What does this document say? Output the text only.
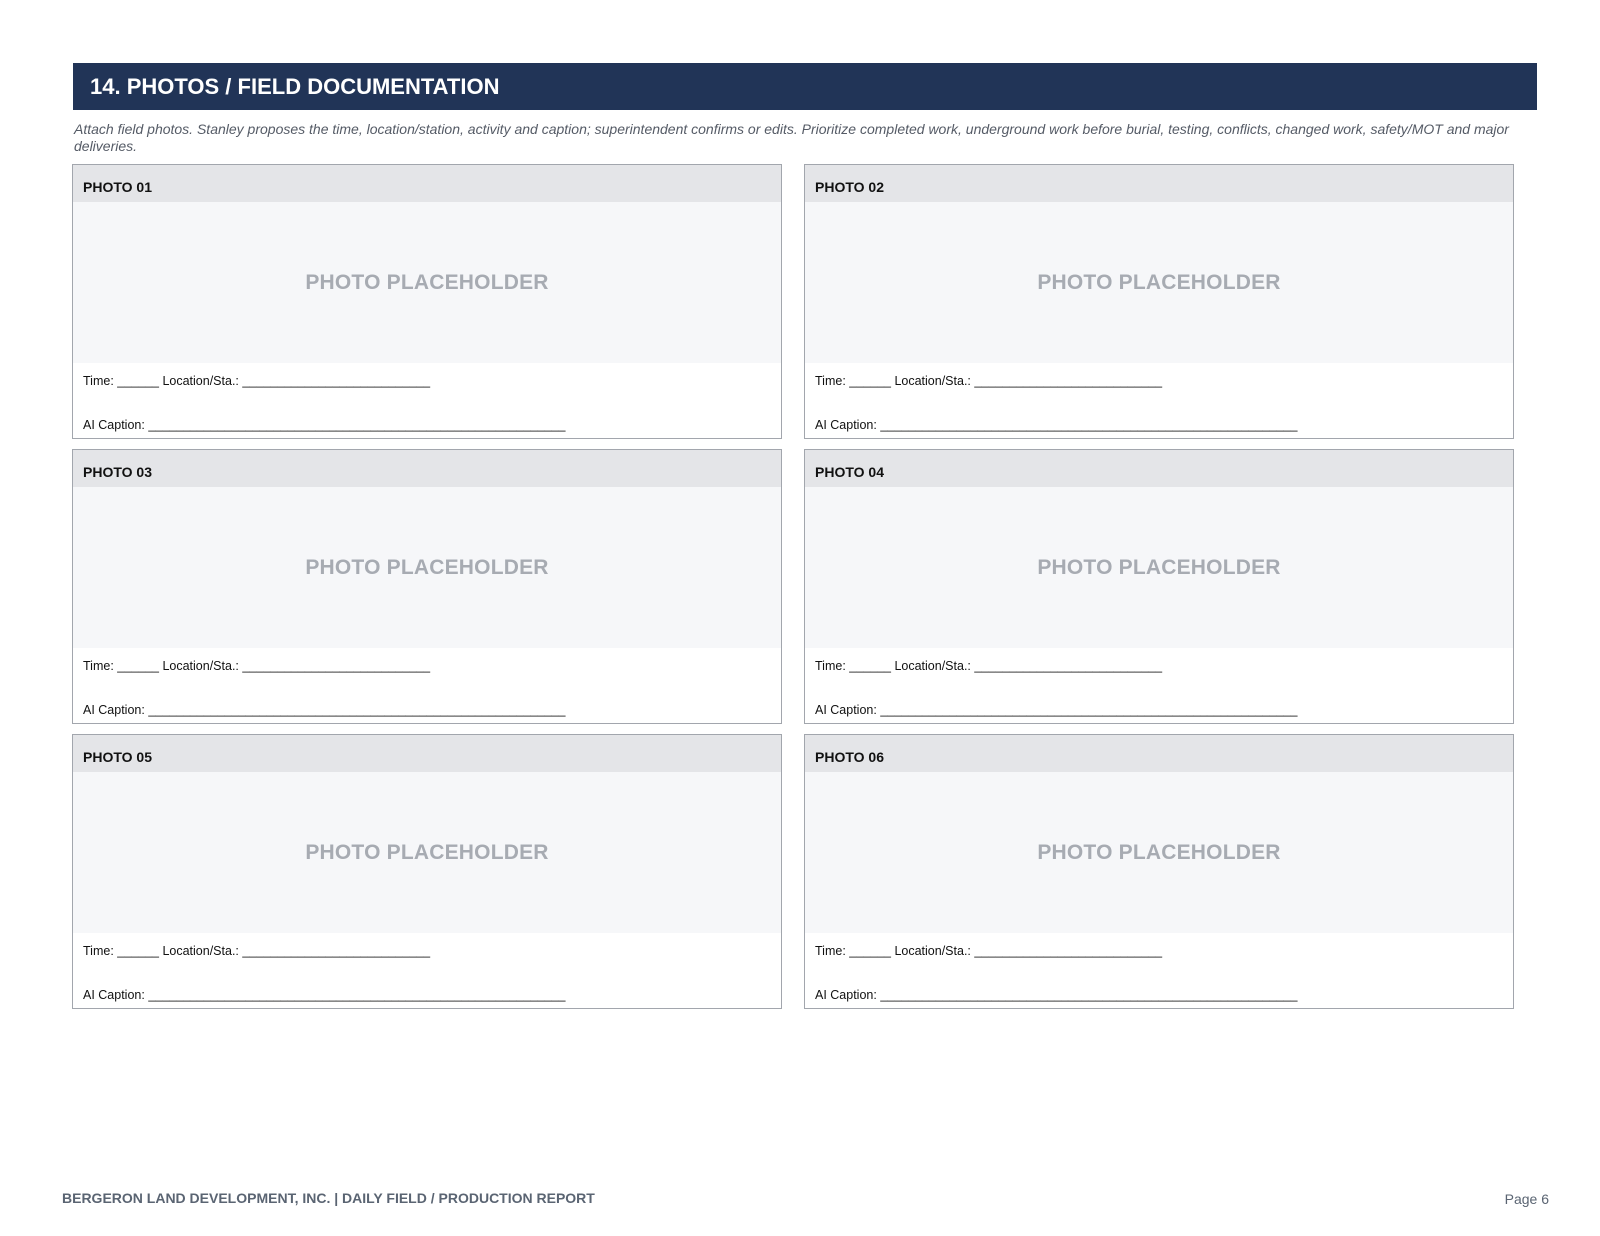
14. PHOTOS / FIELD DOCUMENTATION
Attach field photos. Stanley proposes the time, location/station, activity and caption; superintendent confirms or edits. Prioritize completed work, underground work before burial, testing, conflicts, changed work, safety/MOT and major deliveries.
PHOTO 01
PHOTO PLACEHOLDER
Time: ______ Location/Sta.: ___________________________
AI Caption: ____________________________________________________________
PHOTO 02
PHOTO PLACEHOLDER
Time: ______ Location/Sta.: ___________________________
AI Caption: ____________________________________________________________
PHOTO 03
PHOTO PLACEHOLDER
Time: ______ Location/Sta.: ___________________________
AI Caption: ____________________________________________________________
PHOTO 04
PHOTO PLACEHOLDER
Time: ______ Location/Sta.: ___________________________
AI Caption: ____________________________________________________________
PHOTO 05
PHOTO PLACEHOLDER
Time: ______ Location/Sta.: ___________________________
AI Caption: ____________________________________________________________
PHOTO 06
PHOTO PLACEHOLDER
Time: ______ Location/Sta.: ___________________________
AI Caption: ____________________________________________________________
BERGERON LAND DEVELOPMENT, INC. | DAILY FIELD / PRODUCTION REPORT	Page 6
